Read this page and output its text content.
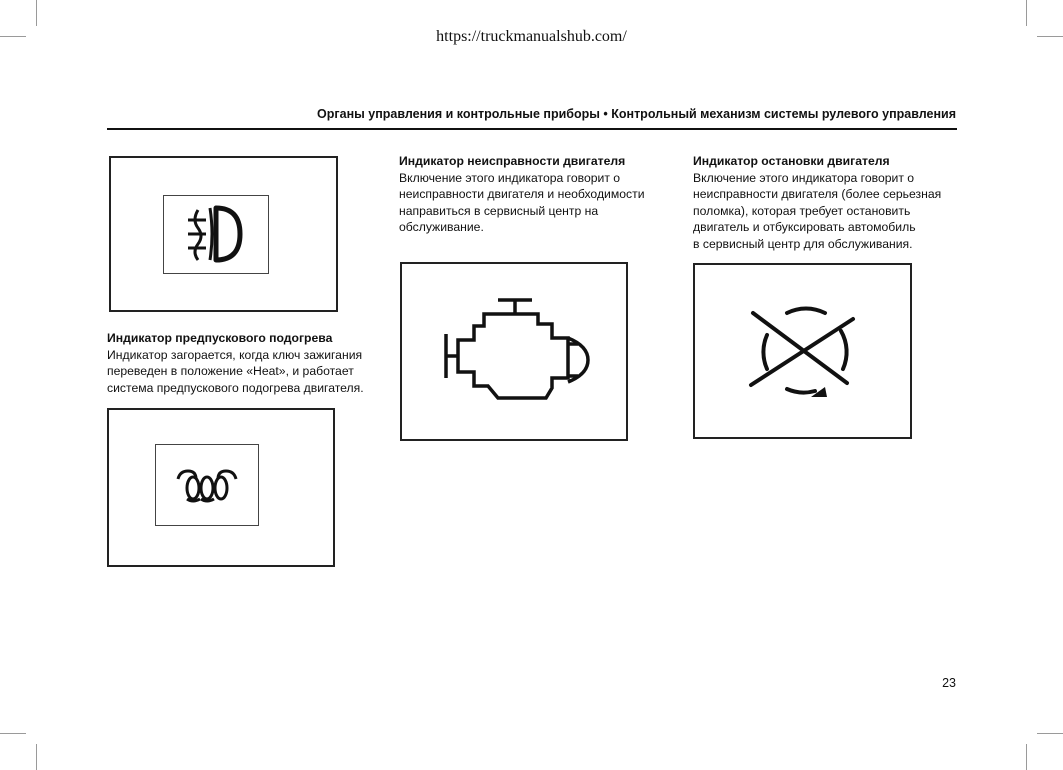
https://truckmanualshub.com/
Органы управления и контрольные приборы • Контрольный механизм системы рулевого управления
Индикатор предпускового подогрева

Индикатор загорается, когда ключ зажигания
переведен в положение «Heat», и работает
система предпускового подогрева двигателя.

Индикатор неисправности двигателя

Включение этого индикатора говорит о
неисправности двигателя и необходимости
направиться в сервисный центр на
обслуживание.

Индикатор остановки двигателя

Включение этого индикатора говорит о
неисправности двигателя (более серьезная
поломка), которая требует остановить
двигатель и отбуксировать автомобиль
в сервисный центр для обслуживания.

23
